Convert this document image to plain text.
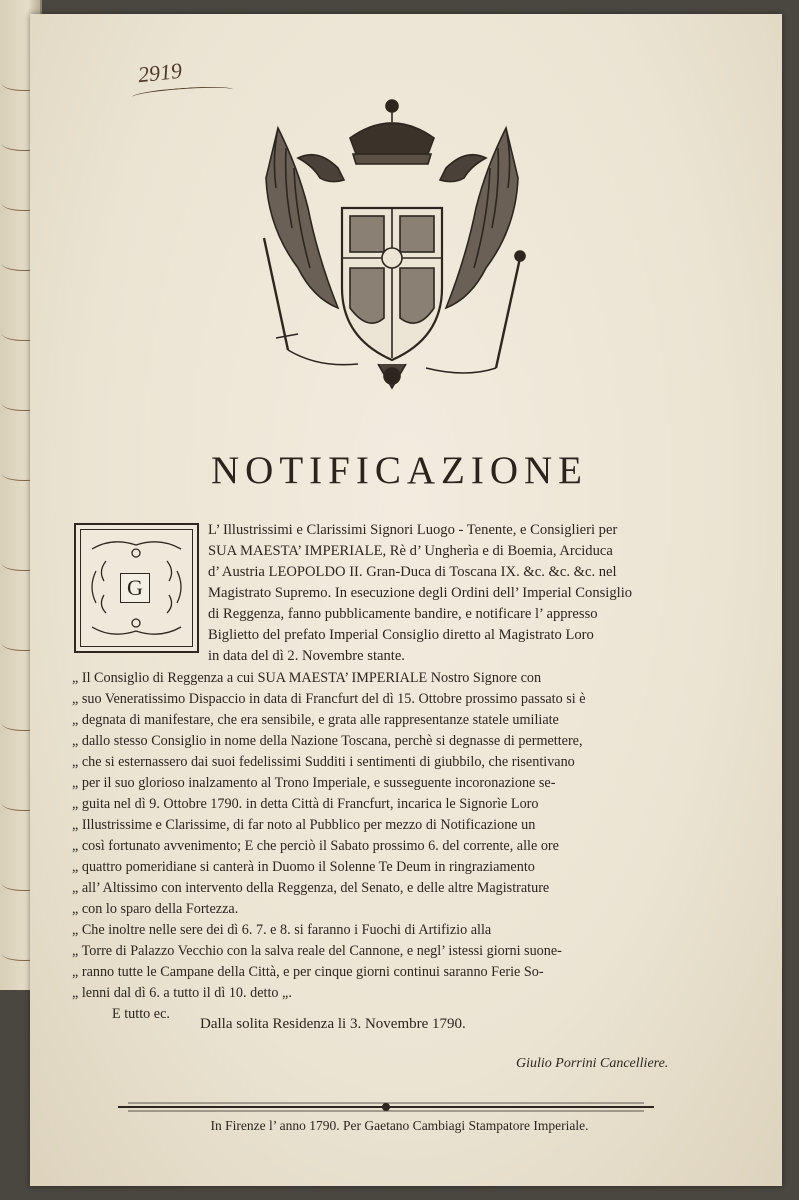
2919
NOTIFICAZIONE
G
L’ Illustrissimi e Clarissimi Signori Luogo - Tenente, e Consiglieri per
SUA MAESTA’ IMPERIALE, Rè d’ Ungherìa e di Boemia, Arciduca
d’ Austria LEOPOLDO II. Gran-Duca di Toscana IX. &c. &c. &c. nel
Magistrato Supremo. In esecuzione degli Ordini dell’ Imperial Consiglio
di Reggenza, fanno pubblicamente bandire, e notificare l’ appresso
Biglietto del prefato Imperial Consiglio diretto al Magistrato Loro
in data del dì 2. Novembre stante.
„ Il Consiglio di Reggenza a cui SUA MAESTA’ IMPERIALE Nostro Signore con
„ suo Veneratissimo Dispaccio in data di Francfurt del dì 15. Ottobre prossimo passato si è
„ degnata di manifestare, che era sensibile, e grata alle rappresentanze statele umiliate
„ dallo stesso Consiglio in nome della Nazione Toscana, perchè si degnasse di permettere,
„ che si esternassero dai suoi fedelissimi Sudditi i sentimenti di giubbilo, che risentivano
„ per il suo glorioso inalzamento al Trono Imperiale, e susseguente incoronazione se-
„ guita nel dì 9. Ottobre 1790. in detta Città di Francfurt, incarica le Signorìe Loro
„ Illustrissime e Clarissime, di far noto al Pubblico per mezzo di Notificazione un
„ così fortunato avvenimento; E che perciò il Sabato prossimo 6. del corrente, alle ore
„ quattro pomeridiane si canterà in Duomo il Solenne Te Deum in ringraziamento
„ all’ Altissimo con intervento della Reggenza, del Senato, e delle altre Magistrature
„ con lo sparo della Fortezza.
„ Che inoltre nelle sere dei dì 6. 7. e 8. si faranno i Fuochi di Artifizio alla
„ Torre di Palazzo Vecchio con la salva reale del Cannone, e negl’ istessi giorni suone-
„ ranno tutte le Campane della Città, e per cinque giorni continui saranno Ferie So-
„ lenni dal dì 6. a tutto il dì 10. detto „.
E tutto ec.
Dalla solita Residenza li 3. Novembre 1790.
Giulio Porrini Cancelliere.
In Firenze l’ anno 1790. Per Gaetano Cambiagi Stampatore Imperiale.
